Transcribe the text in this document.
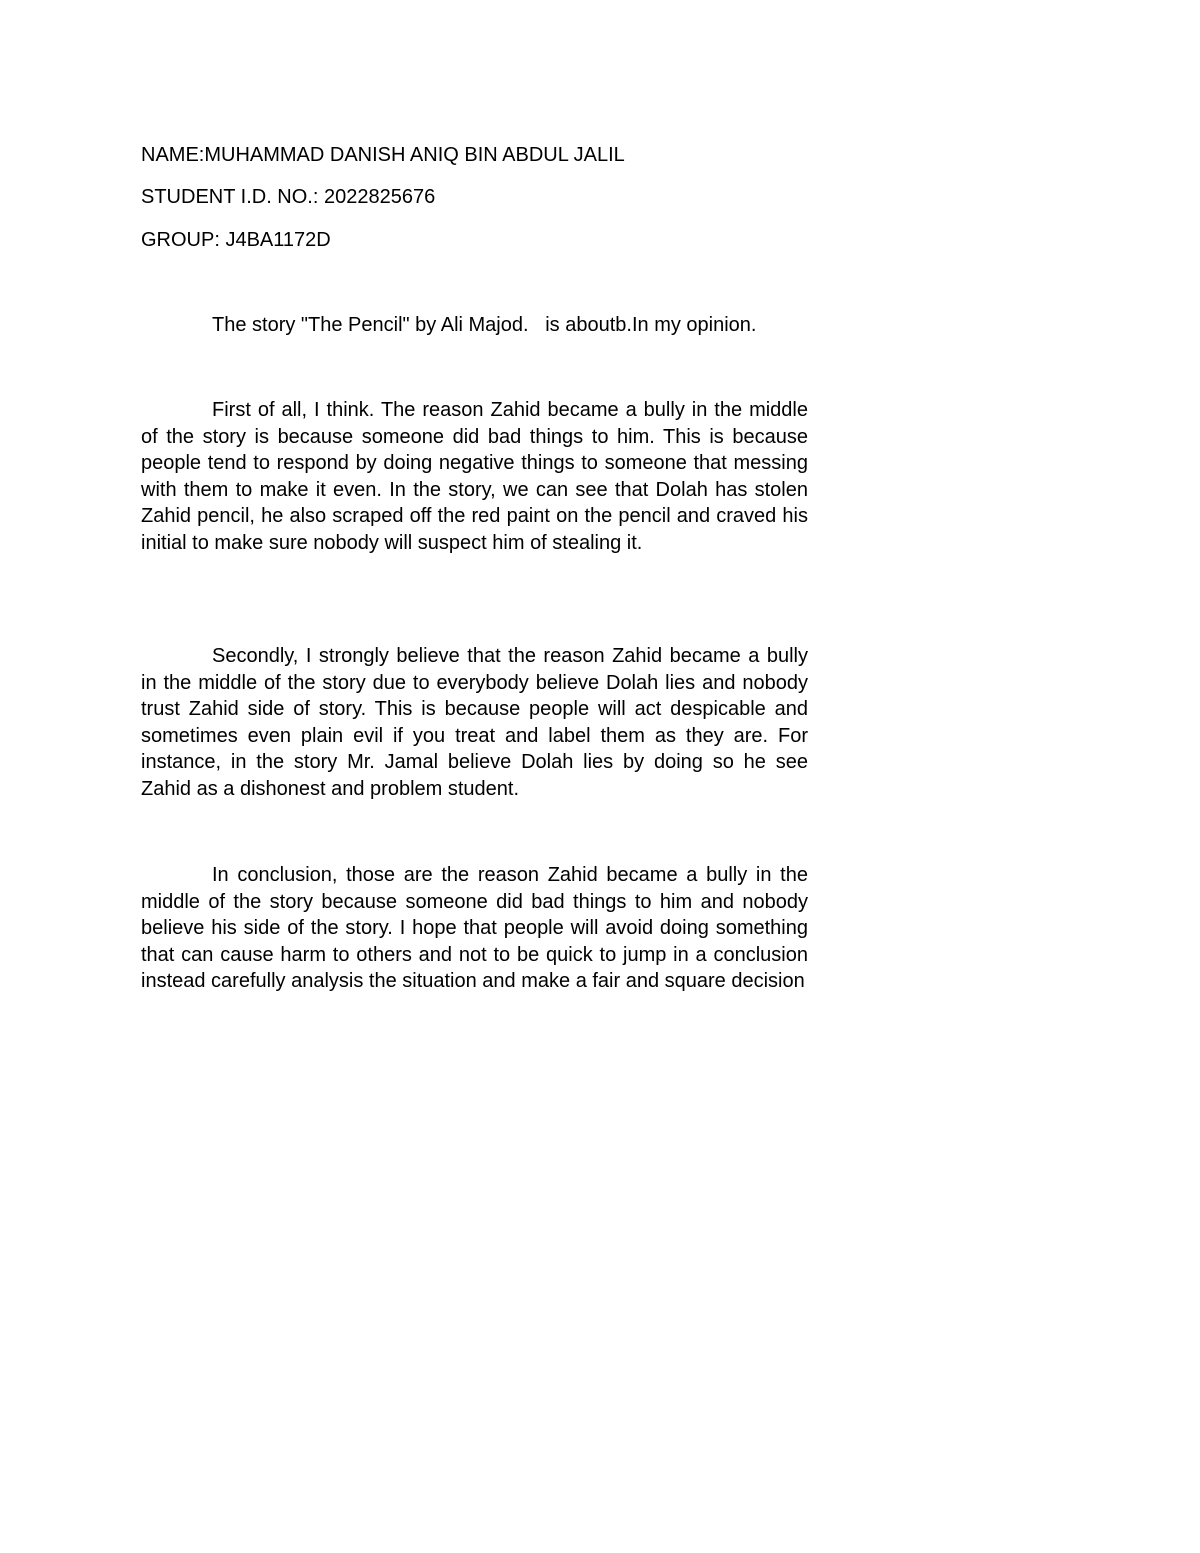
NAME:MUHAMMAD DANISH ANIQ BIN ABDUL JALIL
STUDENT I.D. NO.: 2022825676
GROUP: J4BA1172D
The story "The Pencil" by Ali Majod.   is aboutb.In my opinion.

First of all, I think. The reason Zahid became a bully in the middle of the story is because someone did bad things to him. This is because people tend to respond by doing negative things to someone that messing with them to make it even. In the story, we can see that Dolah has stolen Zahid pencil, he also scraped off the red paint on the pencil and craved his initial to make sure nobody will suspect him of stealing it.

Secondly, I strongly believe that the reason Zahid became a bully in the middle of the story due to everybody believe Dolah lies and nobody trust Zahid side of story. This is because people will act despicable and sometimes even plain evil if you treat and label them as they are. For instance, in the story Mr. Jamal believe Dolah lies by doing so he see Zahid as a dishonest and problem student.

In conclusion, those are the reason Zahid became a bully in the middle of the story because someone did bad things to him and nobody believe his side of the story. I hope that people will avoid doing something that can cause harm to others and not to be quick to jump in a conclusion instead carefully analysis the situation and make a fair and square decision
